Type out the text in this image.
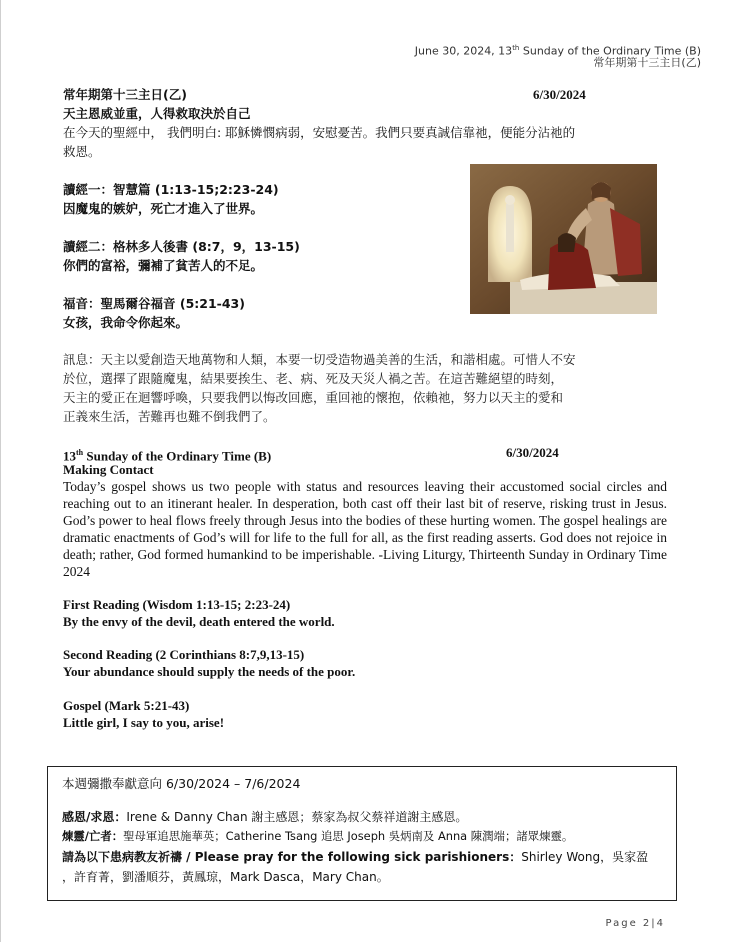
June 30, 2024, 13th Sunday of the Ordinary Time (B)
常年期第十三主日(乙)
常年期第十三主日(乙)	6/30/2024
天主恩威並重，人得救取決於自己
在今天的聖經中， 我們明白: 耶穌憐憫病弱，安慰憂苦。我們只要真誠信靠祂，便能分沾祂的
救恩。
讀經一：智慧篇 (1:13-15;2:23-24)
因魔鬼的嫉妒，死亡才進入了世界。
讀經二：格林多人後書 (8:7，9，13-15)
你們的富裕，彌補了貧苦人的不足。
福音：聖馬爾谷福音 (5:21-43)
女孩，我命令你起來。
訊息：天主以愛創造天地萬物和人類，本要一切受造物過美善的生活，和諧相處。可惜人不安
於位，選擇了跟隨魔鬼，結果要挨生、老、病、死及天災人禍之苦。在這苦難絕望的時刻，
天主的愛正在迴響呼喚，只要我們以悔改回應，重回祂的懷抱，依賴祂，努力以天主的愛和
正義來生活，苦難再也難不倒我們了。
13th Sunday of the Ordinary Time (B)	6/30/2024
Making Contact
Today’s gospel shows us two people with status and resources leaving their accustomed social circles and reaching out to an itinerant healer. In desperation, both cast off their last bit of reserve, risking trust in Jesus. God’s power to heal flows freely through Jesus into the bodies of these hurting women. The gospel healings are dramatic enactments of God’s will for life to the full for all, as the first reading asserts. God does not rejoice in death; rather, God formed humankind to be imperishable. -Living Liturgy, Thirteenth Sunday in Ordinary Time 2024
First Reading (Wisdom 1:13-15; 2:23-24)
By the envy of the devil, death entered the world.
Second Reading (2 Corinthians 8:7,9,13-15)
Your abundance should supply the needs of the poor.
Gospel (Mark 5:21-43)
Little girl, I say to you, arise!
本週彌撒奉獻意向 6/30/2024 – 7/6/2024
感恩/求恩：Irene & Danny Chan 謝主感恩；蔡家為叔父蔡祥道謝主感恩。
煉靈/亡者：聖母軍追思施華英；Catherine Tsang 追思 Joseph 吳炳南及 Anna 陳潤端；諸眾煉靈。
請為以下患病教友祈禱 / Please pray for the following sick parishioners：Shirley Wong，吳家盈
，許育菁，劉潘順芬，黃鳳琼，Mark Dasca，Mary Chan。
Page 2|4
